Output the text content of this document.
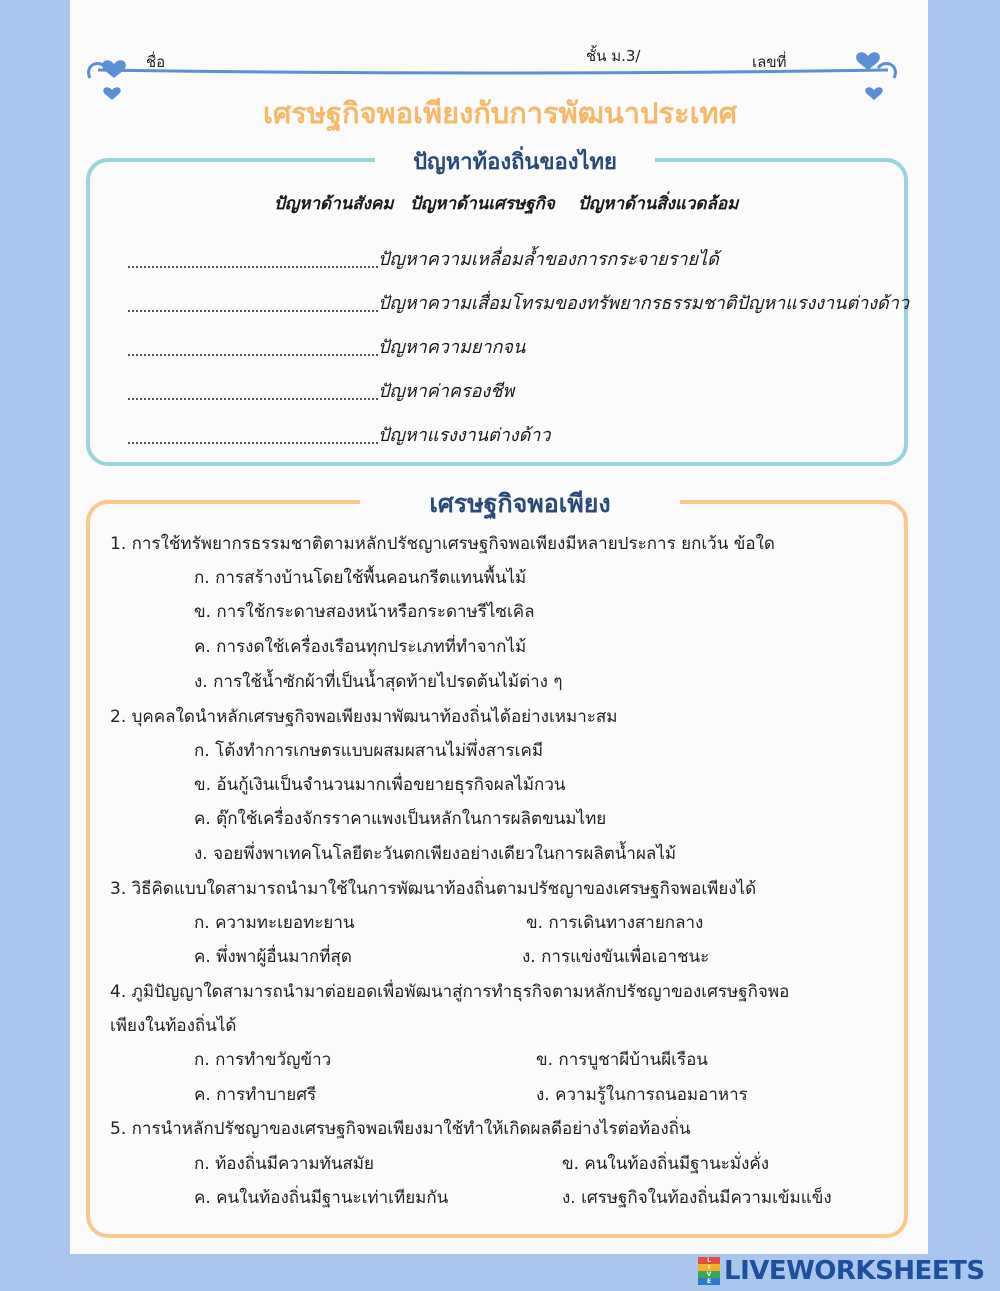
ชื่อ	ชั้น ม.3/	เลขที่
เศรษฐกิจพอเพียงกับการพัฒนาประเทศ
ปัญหาท้องถิ่นของไทย
ปัญหาด้านสังคม ปัญหาด้านเศรษฐกิจ ปัญหาด้านสิ่งแวดล้อม
ปัญหาความเหลื่อมล้ำของการกระจายรายได้
ปัญหาความเสื่อมโทรมของทรัพยากรธรรมชาติปัญหาแรงงานต่างด้าว
ปัญหาความยากจน
ปัญหาค่าครองชีพ
ปัญหาแรงงานต่างด้าว
เศรษฐกิจพอเพียง
1. การใช้ทรัพยากรธรรมชาติตามหลักปรัชญาเศรษฐกิจพอเพียงมีหลายประการ ยกเว้น ข้อใด
ก. การสร้างบ้านโดยใช้พื้นคอนกรีตแทนพื้นไม้
ข. การใช้กระดาษสองหน้าหรือกระดาษรีไซเคิล
ค. การงดใช้เครื่องเรือนทุกประเภทที่ทำจากไม้
ง. การใช้น้ำซักผ้าที่เป็นน้ำสุดท้ายไปรดต้นไม้ต่าง ๆ
2. บุคคลใดนำหลักเศรษฐกิจพอเพียงมาพัฒนาท้องถิ่นได้อย่างเหมาะสม
ก. โต้งทำการเกษตรแบบผสมผสานไม่พึ่งสารเคมี
ข. อ้นกู้เงินเป็นจำนวนมากเพื่อขยายธุรกิจผลไม้กวน
ค. ตุ๊กใช้เครื่องจักรราคาแพงเป็นหลักในการผลิตขนมไทย
ง. จอยพึ่งพาเทคโนโลยีตะวันตกเพียงอย่างเดียวในการผลิตน้ำผลไม้
3. วิธีคิดแบบใดสามารถนำมาใช้ในการพัฒนาท้องถิ่นตามปรัชญาของเศรษฐกิจพอเพียงได้
ก. ความทะเยอทะยาน	ข. การเดินทางสายกลาง
ค. พึ่งพาผู้อื่นมากที่สุด	ง. การแข่งขันเพื่อเอาชนะ
4. ภูมิปัญญาใดสามารถนำมาต่อยอดเพื่อพัฒนาสู่การทำธุรกิจตามหลักปรัชญาของเศรษฐกิจพอ
เพียงในท้องถิ่นได้
ก. การทำขวัญข้าว	ข. การบูชาผีบ้านผีเรือน
ค. การทำบายศรี	ง. ความรู้ในการถนอมอาหาร
5. การนำหลักปรัชญาของเศรษฐกิจพอเพียงมาใช้ทำให้เกิดผลดีอย่างไรต่อท้องถิ่น
ก. ท้องถิ่นมีความทันสมัย	ข. คนในท้องถิ่นมีฐานะมั่งคั่ง
ค. คนในท้องถิ่นมีฐานะเท่าเทียมกัน	ง. เศรษฐกิจในท้องถิ่นมีความเข้มแข็ง
L
I
V
E LIVEWORKSHEETS
